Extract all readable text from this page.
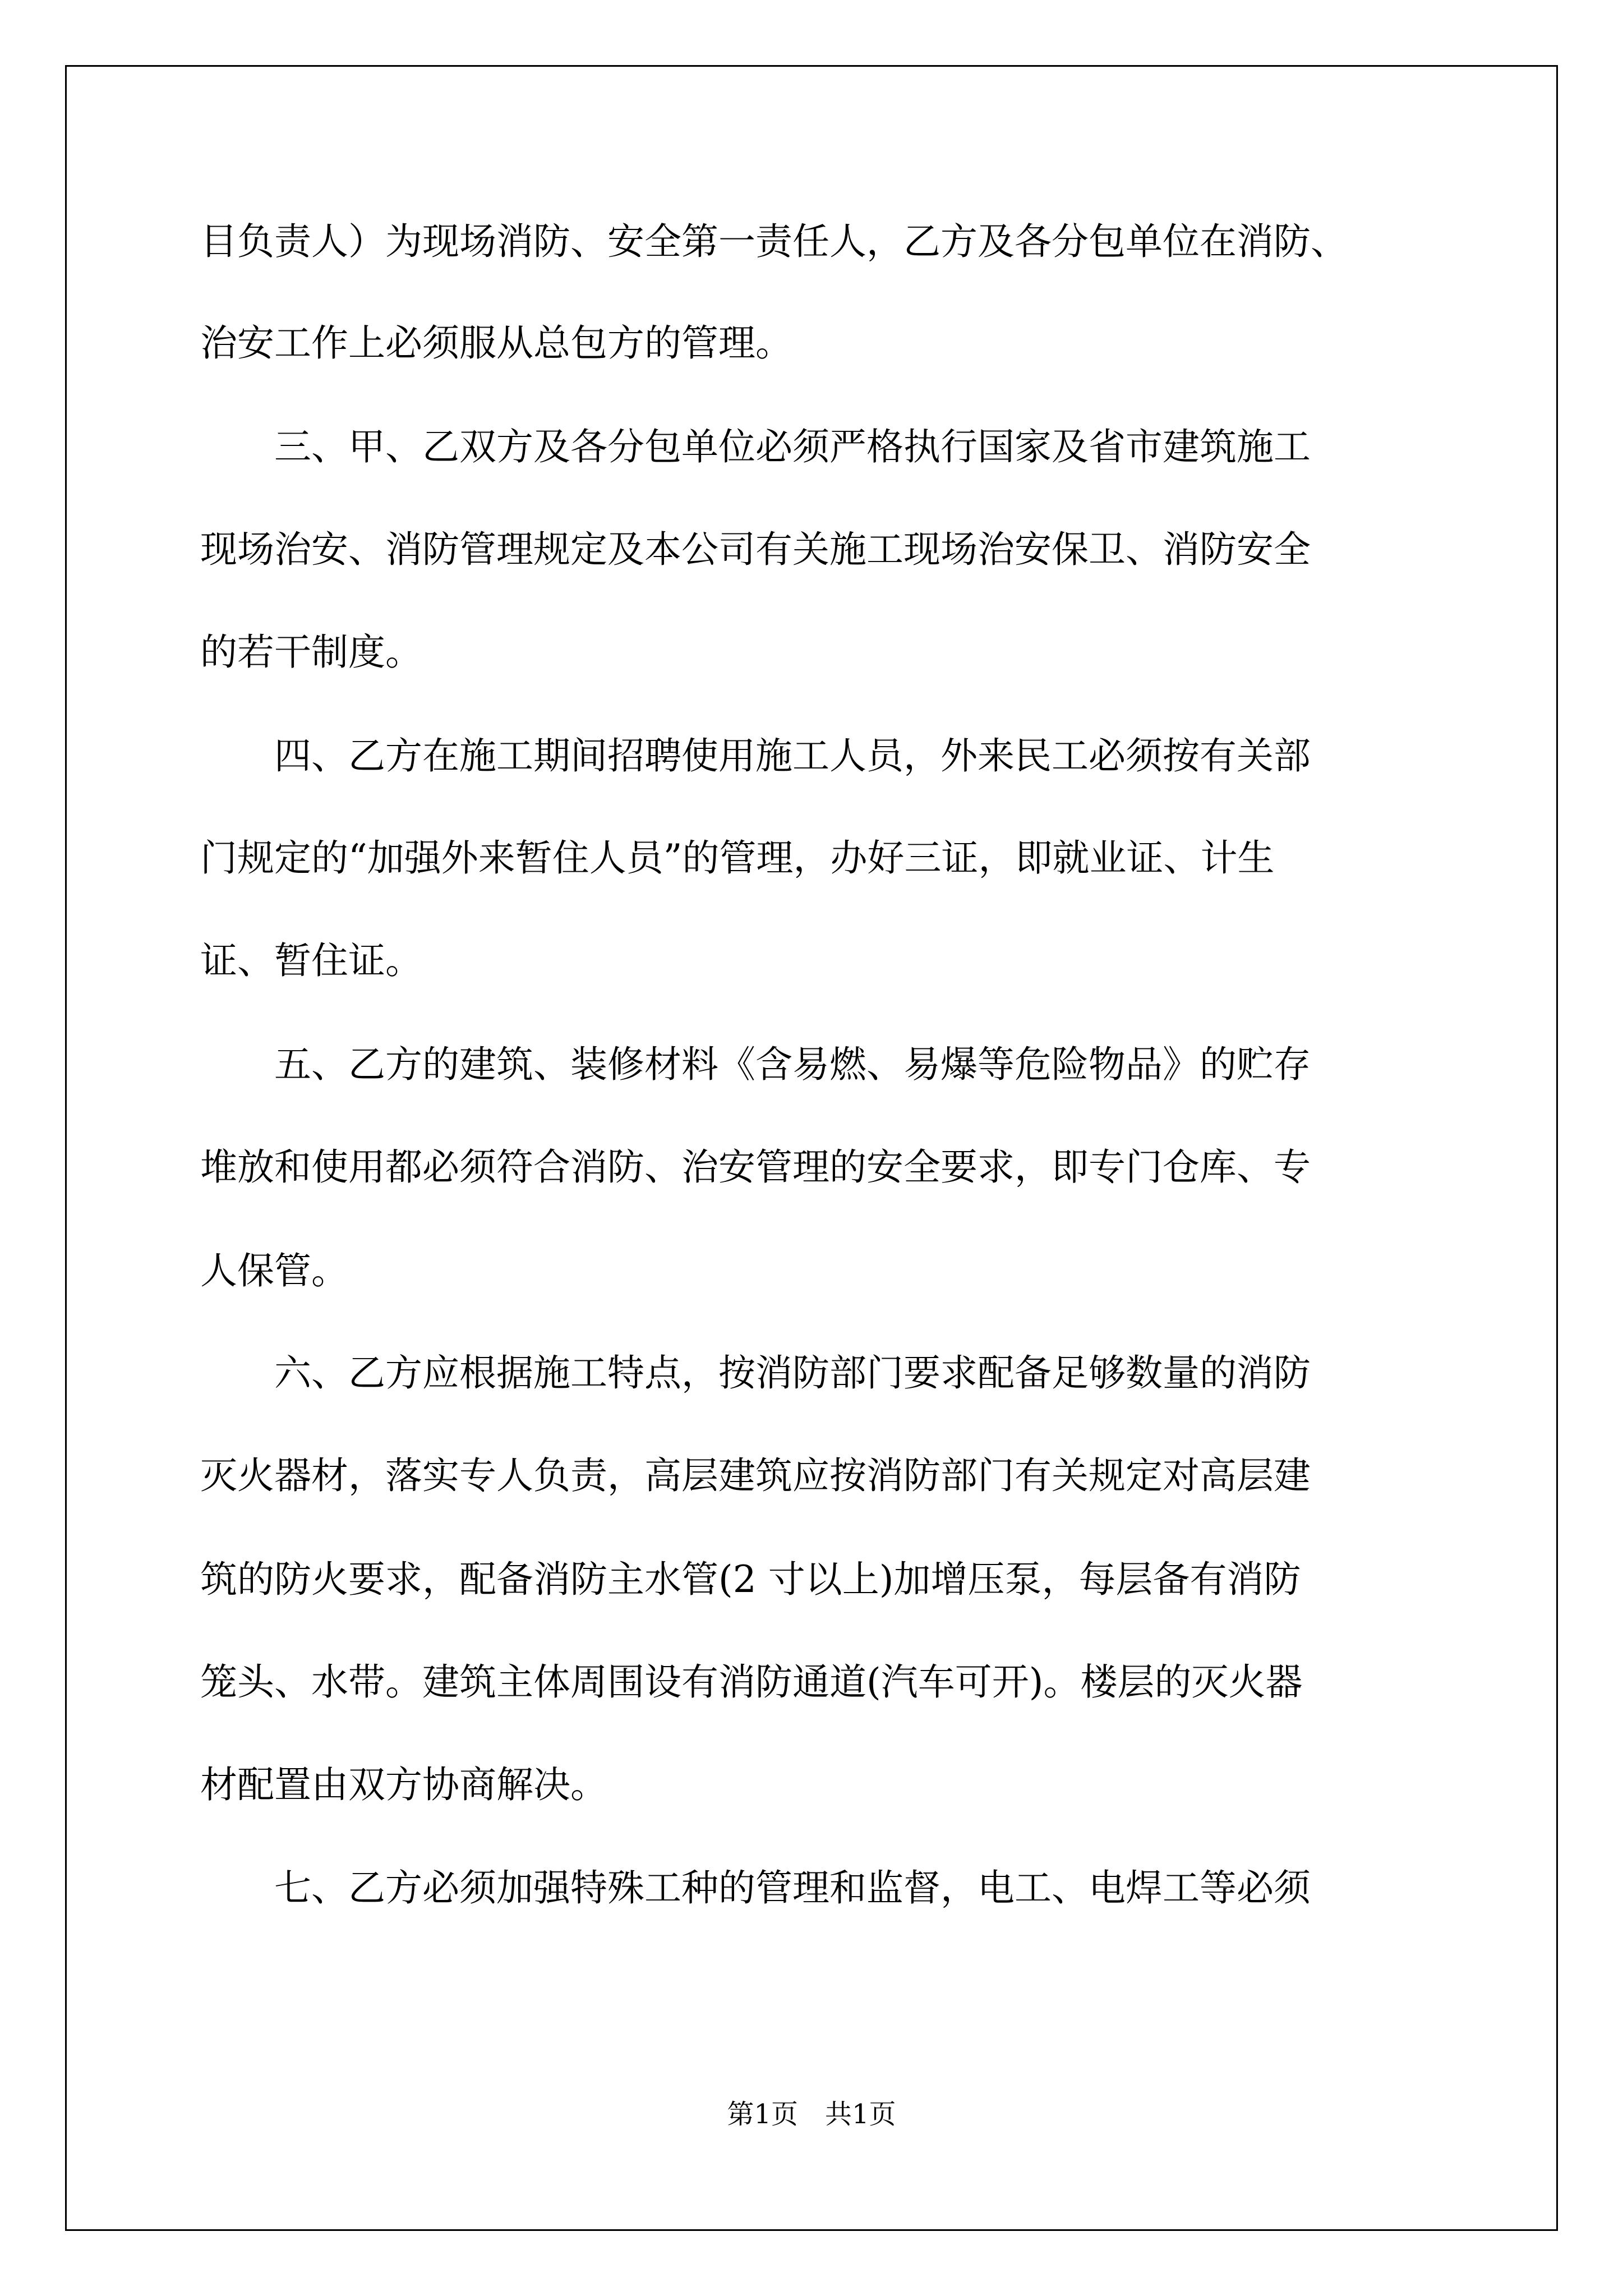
目负责人）为现场消防、安全第一责任人，乙方及各分包单位在消防、
治安工作上必须服从总包方的管理。
　　三、甲、乙双方及各分包单位必须严格执行国家及省市建筑施工
现场治安、消防管理规定及本公司有关施工现场治安保卫、消防安全
的若干制度。
　　四、乙方在施工期间招聘使用施工人员，外来民工必须按有关部
门规定的“加强外来暂住人员”的管理，办好三证，即就业证、计生
证、暂住证。
　　五、乙方的建筑、装修材料《含易燃、易爆等危险物品》的贮存
堆放和使用都必须符合消防、治安管理的安全要求，即专门仓库、专
人保管。
　　六、乙方应根据施工特点，按消防部门要求配备足够数量的消防
灭火器材，落实专人负责，高层建筑应按消防部门有关规定对高层建
筑的防火要求，配备消防主水管(2 寸以上)加增压泵，每层备有消防
笼头、水带。建筑主体周围设有消防通道(汽车可开)。楼层的灭火器
材配置由双方协商解决。
　　七、乙方必须加强特殊工种的管理和监督，电工、电焊工等必须
第1页　共1页
